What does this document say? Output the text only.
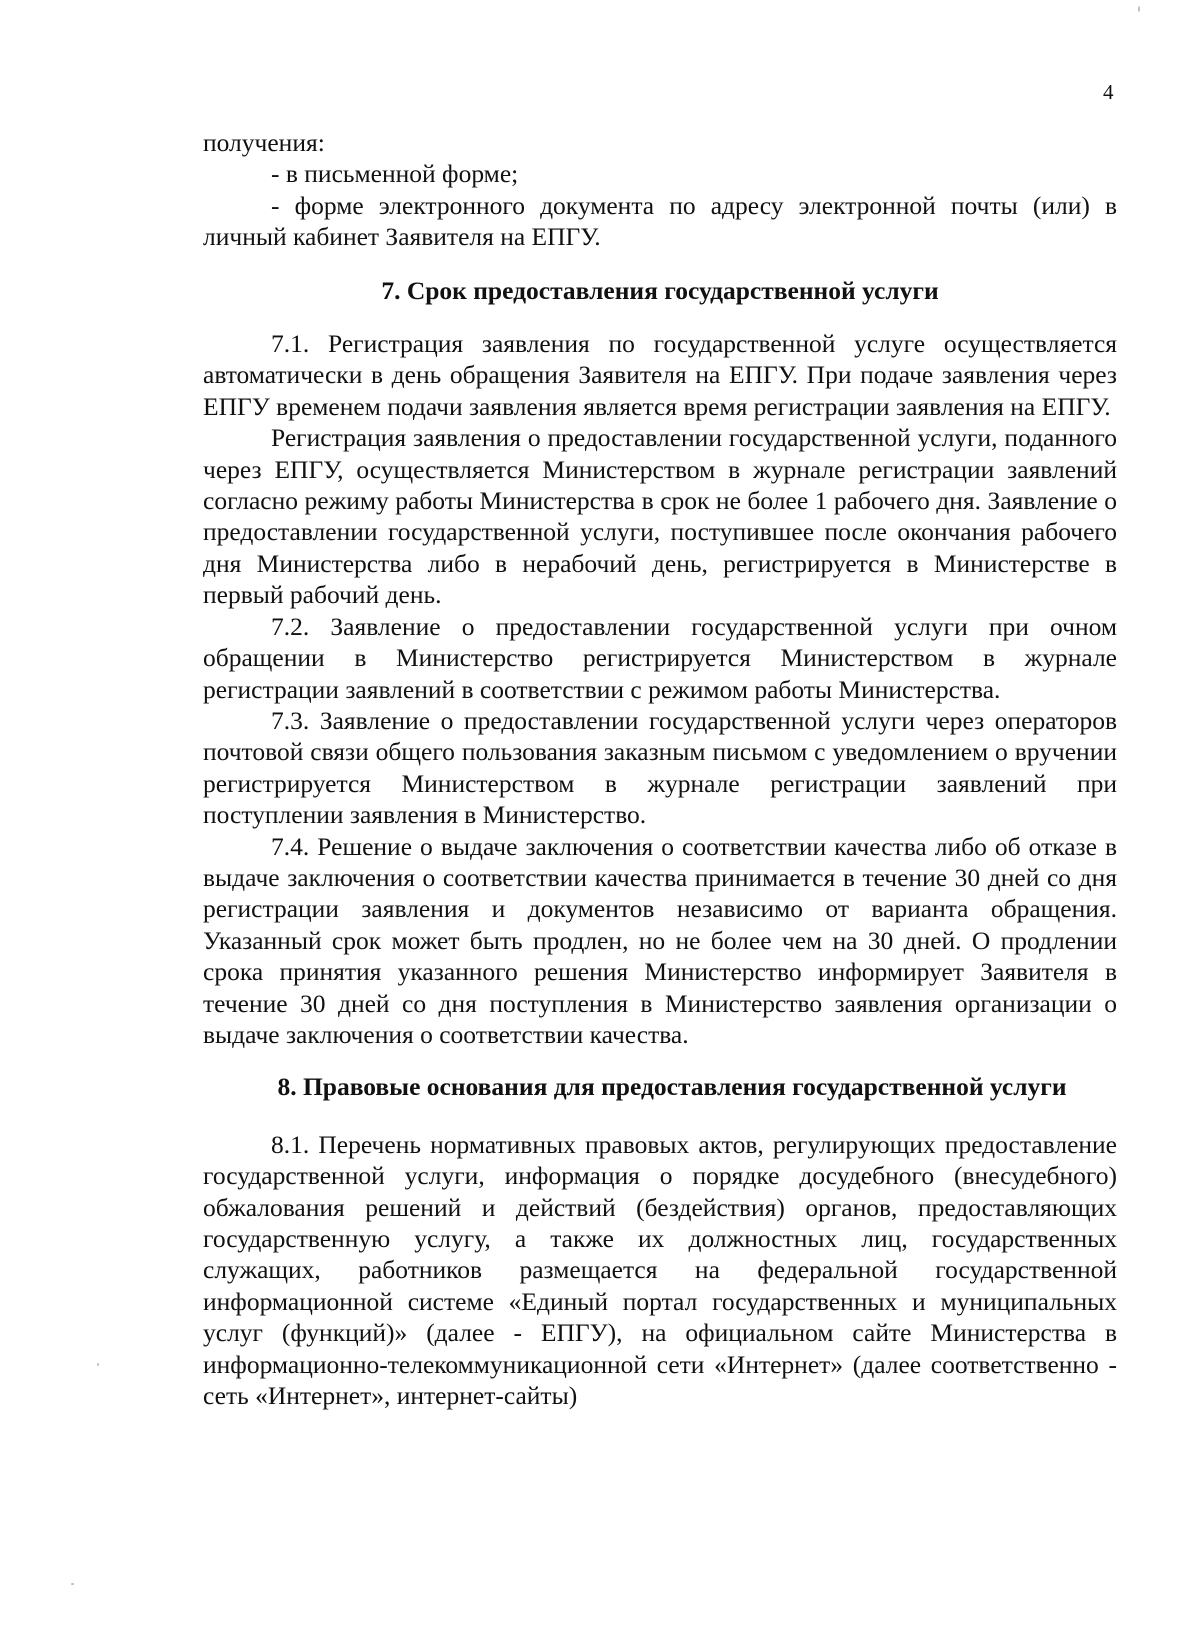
4

получения:

- в письменной форме;

- форме электронного документа по адресу электронной почты (или) в личный кабинет Заявителя на ЕПГУ.

7. Срок предоставления государственной услуги

7.1. Регистрация заявления по государственной услуге осуществляется автоматически в день обращения Заявителя на ЕПГУ. При подаче заявления через ЕПГУ временем подачи заявления является время регистрации заявления на ЕПГУ.

Регистрация заявления о предоставлении государственной услуги, поданного через ЕПГУ, осуществляется Министерством в журнале регистрации заявлений согласно режиму работы Министерства в срок не более 1 рабочего дня. Заявление о предоставлении государственной услуги, поступившее после окончания рабочего дня Министерства либо в нерабочий день, регистрируется в Министерстве в первый рабочий день.

7.2. Заявление о предоставлении государственной услуги при очном обращении в Министерство регистрируется Министерством в журнале регистрации заявлений в соответствии с режимом работы Министерства.

7.3. Заявление о предоставлении государственной услуги через операторов почтовой связи общего пользования заказным письмом с уведомлением о вручении регистрируется Министерством в журнале регистрации заявлений при поступлении заявления в Министерство.

7.4. Решение о выдаче заключения о соответствии качества либо об отказе в выдаче заключения о соответствии качества принимается в течение 30 дней со дня регистрации заявления и документов независимо от варианта обращения. Указанный срок может быть продлен, но не более чем на 30 дней. О продлении срока принятия указанного решения Министерство информирует Заявителя в течение 30 дней со дня поступления в Министерство заявления организации о выдаче заключения о соответствии качества.

8. Правовые основания для предоставления государственной услуги

8.1. Перечень нормативных правовых актов, регулирующих предоставление государственной услуги, информация о порядке досудебного (внесудебного) обжалования решений и действий (бездействия) органов, предоставляющих государственную услугу, а также их должностных лиц, государственных служащих, работников размещается на федеральной государственной информационной системе «Единый портал государственных и муниципальных услуг (функций)» (далее - ЕПГУ), на официальном сайте Министерства в информационно-телекоммуникационной сети «Интернет» (далее соответственно - сеть «Интернет», интернет-сайты)
